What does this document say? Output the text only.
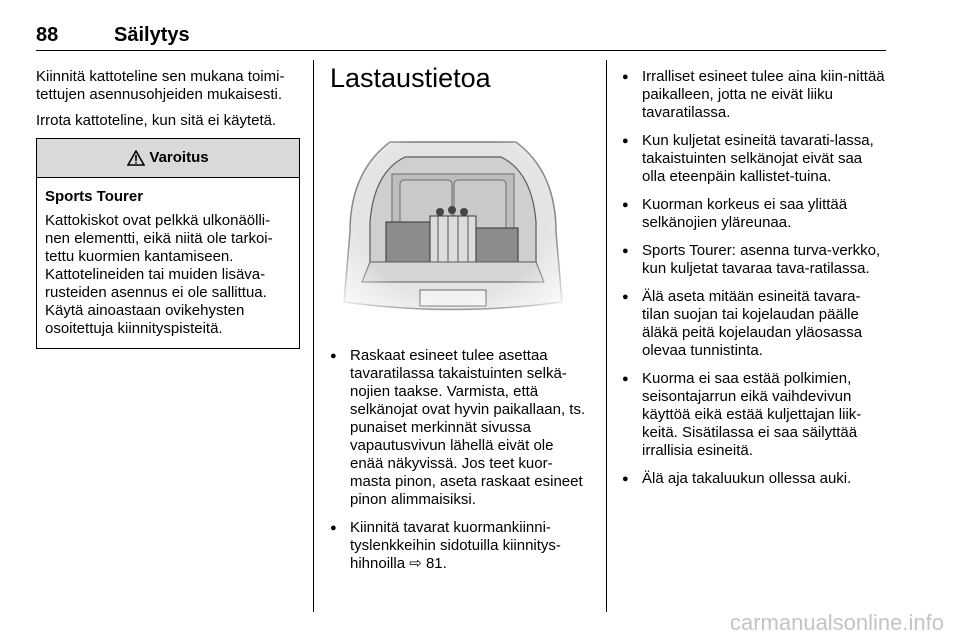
88	Säilytys

Kiinnitä kattoteline sen mukana toimi-tettujen asennusohjeiden mukaisesti.

Irrota kattoteline, kun sitä ei käytetä.

Varoitus
Sports Tourer
Kattokiskot ovat pelkkä ulkonäölli-nen elementti, eikä niitä ole tarkoi-tettu kuormien kantamiseen. Kattotelineiden tai muiden lisäva-rusteiden asennus ei ole sallittua. Käytä ainoastaan ovikehysten osoitettuja kiinnityspisteitä.
Lastaustietoa
● Raskaat esineet tulee asettaa tavaratilassa takaistuinten selkä-nojien taakse. Varmista, että selkänojat ovat hyvin paikallaan, ts. punaiset merkinnät sivussa vapautusvivun lähellä eivät ole enää näkyvissä. Jos teet kuor-masta pinon, aseta raskaat esineet pinon alimmaisiksi.
● Kiinnitä tavarat kuormankiinni-tyslenkkeihin sidotuilla kiinnitys-hihnoilla ⇨ 81.
● Irralliset esineet tulee aina kiin-nittää paikalleen, jotta ne eivät liiku tavaratilassa.
● Kun kuljetat esineitä tavarati-lassa, takaistuinten selkänojat eivät saa olla eteenpäin kallistet-tuina.
● Kuorman korkeus ei saa ylittää selkänojien yläreunaa.
● Sports Tourer: asenna turva-verkko, kun kuljetat tavaraa tava-ratilassa.
● Älä aseta mitään esineitä tavara-tilan suojan tai kojelaudan päälle äläkä peitä kojelaudan yläosassa olevaa tunnistinta.
● Kuorma ei saa estää polkimien, seisontajarrun eikä vaihdevivun käyttöä eikä estää kuljettajan liik-keitä. Sisätilassa ei saa säilyttää irrallisia esineitä.
● Älä aja takaluukun ollessa auki.
carmanualsonline.info
